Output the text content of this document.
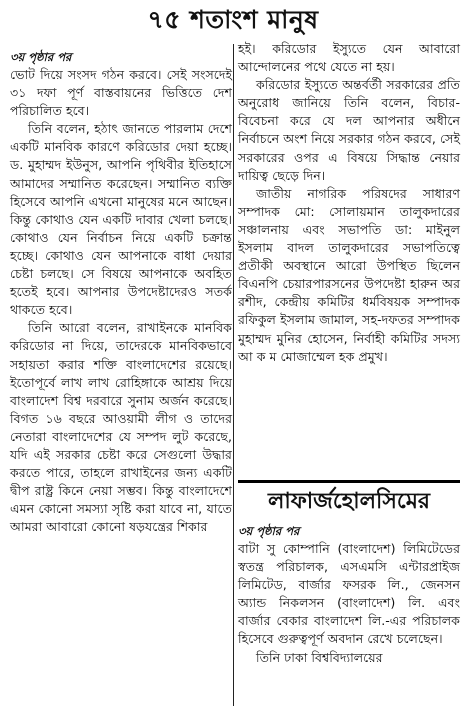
৭৫ শতাংশ মানুষ
৩য় পৃষ্ঠার পর

ভোট দিয়ে সংসদ গঠন করবে। সেই সংসদেই ৩১ দফা পূর্ণ বাস্তবায়নের ভিত্তিতে দেশ পরিচালিত হবে।

তিনি বলেন, হঠাৎ জানতে পারলাম দেশে একটি মানবিক কারণে করিডোর দেয়া হচ্ছে। ড. মুহাম্মদ ইউনুস, আপনি পৃথিবীর ইতিহাসে আমাদের সম্মানিত করেছেন। সম্মানিত ব্যক্তি হিসেবে আপনি এখনো মানুষের মনে আছেন। কিন্তু কোথাও যেন একটি দাবার খেলা চলছে। কোথাও যেন নির্বাচন নিয়ে একটি চক্রান্ত হচ্ছে। কোথাও যেন আপনাকে বাধা দেয়ার চেষ্টা চলছে। সে বিষয়ে আপনাকে অবহিত হতেই হবে। আপনার উপদেষ্টাদেরও সতর্ক থাকতে হবে।

তিনি আরো বলেন, রাখাইনকে মানবিক করিডোর না দিয়ে, তাদেরকে মানবিকভাবে সহায়তা করার শক্তি বাংলাদেশের রয়েছে। ইতোপূর্বে লাখ লাখ রোহিঙ্গাকে আশ্রয় দিয়ে বাংলাদেশ বিশ্ব দরবারে সুনাম অর্জন করেছে। বিগত ১৬ বছরে আওয়ামী লীগ ও তাদের নেতারা বাংলাদেশের যে সম্পদ লুট করেছে, যদি এই সরকার চেষ্টা করে সেগুলো উদ্ধার করতে পারে, তাহলে রাখাইনের জন্য একটি দ্বীপ রাষ্ট্র কিনে নেয়া সম্ভব। কিন্তু বাংলাদেশে এমন কোনো সমস্যা সৃষ্টি করা যাবে না, যাতে আমরা আবারো কোনো ষড়যন্ত্রের শিকার

হই। করিডোর ইস্যুতে যেন আবারো আন্দোলনের পথে যেতে না হয়।

করিডোর ইস্যুতে অন্তর্বর্তী সরকারের প্রতি অনুরোধ জানিয়ে তিনি বলেন, বিচার-বিবেচনা করে যে দল আপনার অধীনে নির্বাচনে অংশ নিয়ে সরকার গঠন করবে, সেই সরকারের ওপর এ বিষয়ে সিদ্ধান্ত নেয়ার দায়িত্ব ছেড়ে দিন।

জাতীয় নাগরিক পরিষদের সাধারণ সম্পাদক মো: সোলায়মান তালুকদারের সঞ্চালনায় এবং সভাপতি ডা: মাইনুল ইসলাম বাদল তালুকদারের সভাপতিত্বে প্রতীকী অবস্থানে আরো উপস্থিত ছিলেন বিএনপি চেয়ারপারসনের উপদেষ্টা হারুন অর রশীদ, কেন্দ্রীয় কমিটির ধর্মবিষয়ক সম্পাদক রফিকুল ইসলাম জামাল, সহ-দফতর সম্পাদক মুহাম্মদ মুনির হোসেন, নির্বাহী কমিটির সদস্য আ ক ম মোজাম্মেল হক প্রমুখ।

লাফার্জহোলসিমের
৩য় পৃষ্ঠার পর

বাটা সু কোম্পানি (বাংলাদেশ) লিমিটেডের স্বতন্ত্র পরিচালক, এসএমসি এন্টারপ্রাইজ লিমিটেড, বার্জার ফসরক লি., জেনসন অ্যান্ড নিকলসন (বাংলাদেশ) লি. এবং বার্জার বেকার বাংলাদেশ লি.-এর পরিচালক হিসেবে গুরুত্বপূর্ণ অবদান রেখে চলেছেন।

তিনি ঢাকা বিশ্ববিদ্যালয়ের
